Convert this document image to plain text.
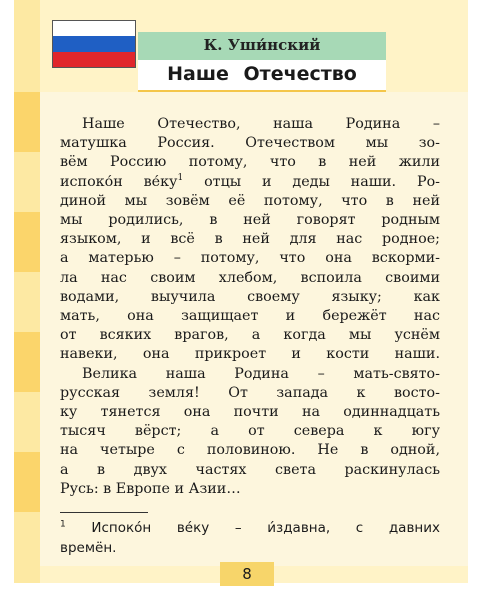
К. Уши́нский
Наше Отечество
Наше Отечество, наша Родина –
матушка Россия. Отечеством мы зо-
вём Россию потому, что в ней жили
испоко́н $ве́ку^1$ отцы и деды наши. Ро-
диной мы зовём её потому, что в ней
мы родились, в ней говорят родным
языком, и всё в ней для нас родное;
а матерью – потому, что она вскорми-
ла нас своим хлебом, вспоила своими
водами, выучила своему языку; как
мать, она защищает и бережёт нас
от всяких врагов, а когда мы уснём
навеки, она прикроет и кости наши.
Велика наша Родина – мать-свято-
русская земля! От запада к восто-
ку тянется она почти на одиннадцать
тысяч вёрст; а от севера к югу
на четыре с половиною. Не в одной,
а в двух частях света раскинулась
Русь: в Европе и Азии…
$^1$ Испоко́н ве́ку – и́здавна, с давних
времён.
8
